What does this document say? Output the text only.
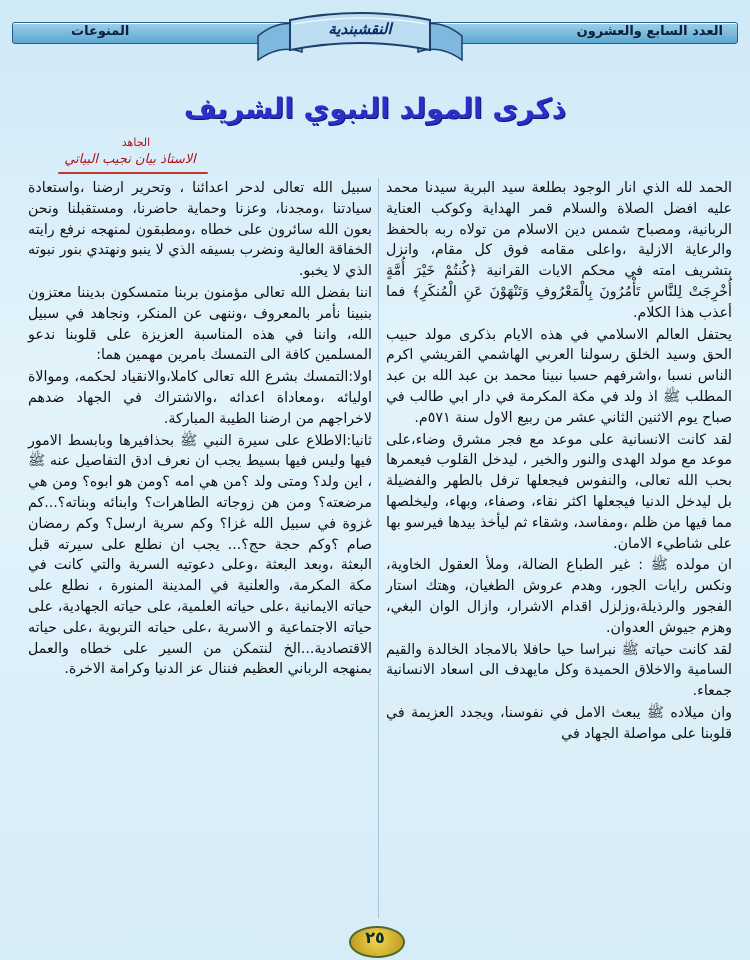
العدد السابع والعشرون
المنوعات	النقشبندية
ذكرى المولد النبوي الشريف
الجاهد
الاستاذ بيان نجيب البياتي

الحمد لله الذي انار الوجود بطلعة سيد البرية سيدنا محمد عليه افضل الصلاة والسلام قمر الهداية وكوكب العناية الربانية، ومصباح شمس دين الاسلام من تولاه ربه بالحفظ والرعاية الازلية ،واعلى مقامه فوق كل مقام، وانزل بتشريف امته في محكم الايات القرانية ﴿كُنتُمْ خَيْرَ أُمَّةٍ أُخْرِجَتْ لِلنَّاسِ تَأْمُرُونَ بِالْمَعْرُوفِ وَتَنْهَوْنَ عَنِ الْمُنكَرِ﴾ فما أعذب هذا الكلام.

يحتفل العالم الاسلامي في هذه الايام بذكرى مولد حبيب الحق وسيد الخلق رسولنا العربي الهاشمي القريشي اكرم الناس نسبا ،واشرفهم حسبا نبينا محمد بن عبد الله بن عبد المطلب ﷺ اذ ولد في مكة المكرمة في دار ابي طالب في صباح يوم الاثنين الثاني عشر من ربيع الاول سنة ٥٧١م.

لقد كانت الانسانية على موعد مع فجر مشرق وضاء،على موعد مع مولد الهدى والنور والخير ، ليدخل القلوب فيعمرها بحب الله تعالى، والنفوس فيجعلها ترفل بالطهر والفضيلة بل ليدخل الدنيا فيجعلها اكثر نقاء، وصفاء، وبهاء، وليخلصها مما فيها من ظلم ،ومفاسد، وشقاء ثم ليأخذ بيدها فيرسو بها على شاطيء الامان.

ان مولده ﷺ : غير الطباع الضالة، وملأ العقول الخاوية، ونكس رايات الجور، وهدم عروش الطغيان، وهتك استار الفجور والرذيلة،وزلزل اقدام الاشرار، وازال الوان البغي، وهزم جيوش العدوان.

لقد كانت حياته ﷺ نبراسا حيا حافلا بالامجاد الخالدة والقيم السامية والاخلاق الحميدة وكل مايهدف الى اسعاد الانسانية جمعاء.

وان ميلاده ﷺ يبعث الامل في نفوسنا، ويجدد العزيمة في قلوبنا على مواصلة الجهاد في

سبيل الله تعالى لدحر اعدائنا ، وتحرير ارضنا ،واستعادة سيادتنا ،ومجدنا، وعزنا وحماية حاضرنا، ومستقبلنا ونحن بعون الله سائرون على خطاه ،ومطبقون لمنهجه نرفع رايته الخفاقة العالية ونضرب بسيفه الذي لا ينبو ونهتدي بنور نبوته الذي لا يخبو.

اننا بفضل الله تعالى مؤمنون بربنا متمسكون بديننا معتزون بنبينا نأمر بالمعروف ،وننهى عن المنكر، ونجاهد في سبيل الله، واننا في هذه المناسبة العزيزة على قلوبنا ندعو المسلمين كافة الى التمسك بامرين مهمين هما:

اولا:التمسك بشرع الله تعالى كاملا،والانقياد لحكمه، وموالاة اوليائه ،ومعاداة اعدائه ،والاشتراك في الجهاد ضدهم لاخراجهم من ارضنا الطيبة المباركة.

ثانيا:الاطلاع على سيرة النبي ﷺ بحذافيرها وبابسط الامور فيها وليس فيها بسيط يجب ان نعرف ادق التفاصيل عنه ﷺ ، اين ولد؟ ومتى ولد ؟من هي امه ؟ومن هو ابوه؟ ومن هي مرضعته؟ ومن هن زوجاته الطاهرات؟ وابنائه وبناته؟...كم غزوة في سبيل الله غزا؟ وكم سرية ارسل؟ وكم رمضان صام ؟وكم حجة حج؟... يجب ان نطلع على سيرته قبل البعثة ،وبعد البعثة ،وعلى دعوتيه السرية والتي كانت في مكة المكرمة، والعلنية في المدينة المنورة ، نطلع على حياته الايمانية ،على حياته العلمية، على حياته الجهادية، على حياته الاجتماعية و الاسرية ،على حياته التربوية ،على حياته الاقتصادية...الخ لنتمكن من السير على خطاه والعمل بمنهجه الرباني العظيم فننال عز الدنيا وكرامة الاخرة.

٢٥
